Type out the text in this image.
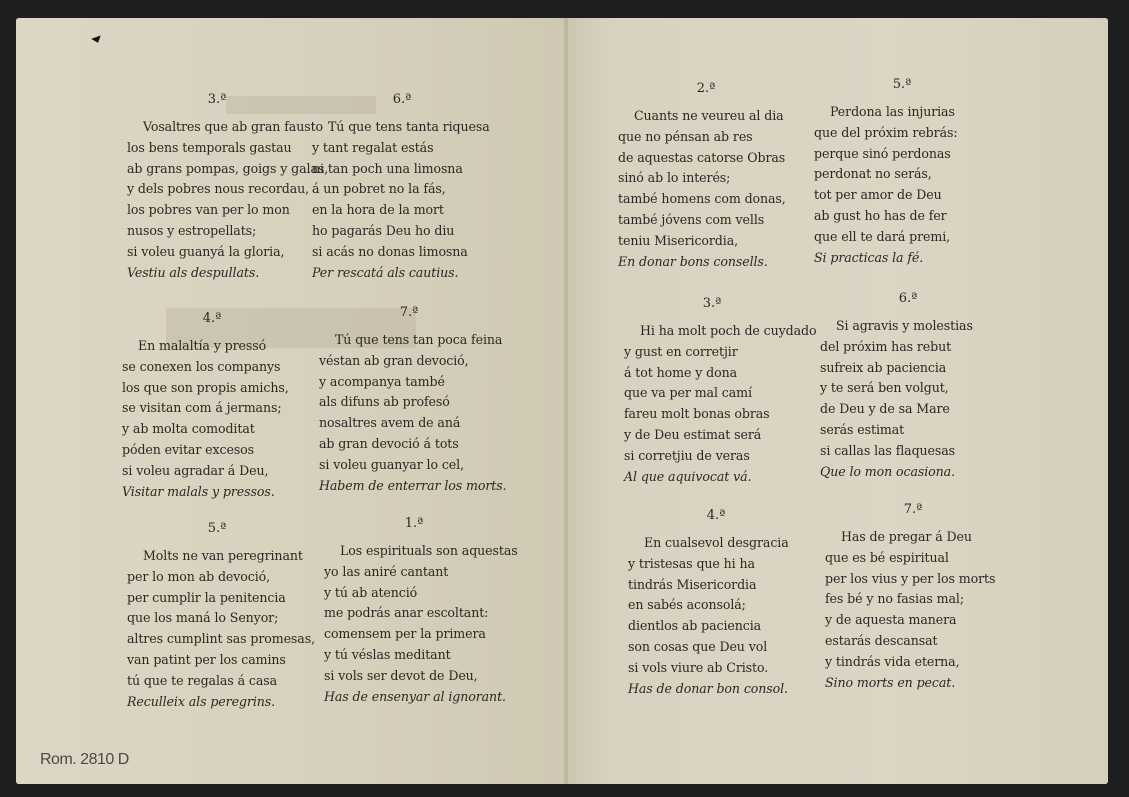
3.ª
Vosaltres que ab gran fausto
los bens temporals gastau
ab grans pompas, goigs y galas,
y dels pobres nous recordau,
los pobres van per lo mon
nusos y estropellats;
si voleu guanyá la gloria,
Vestiu als despullats.
6.ª
Tú que tens tanta riquesa
y tant regalat estás
ni tan poch una limosna
á un pobret no la fás,
en la hora de la mort
ho pagarás Deu ho diu
si acás no donas limosna
Per rescatá als cautius.
4.ª
En malaltía y pressó
se conexen los companys
los que son propis amichs,
se visitan com á jermans;
y ab molta comoditat
póden evitar excesos
si voleu agradar á Deu,
Visitar malals y pressos.
7.ª
Tú que tens tan poca feina
véstan ab gran devoció,
y acompanya també
als difuns ab profesó
nosaltres avem de aná
ab gran devoció á tots
si voleu guanyar lo cel,
Habem de enterrar los morts.
5.ª
Molts ne van peregrinant
per lo mon ab devoció,
per cumplir la penitencia
que los maná lo Senyor;
altres cumplint sas promesas,
van patint per los camins
tú que te regalas á casa
Reculleix als peregrins.
1.ª
Los espirituals son aquestas
yo las aniré cantant
y tú ab atenció
me podrás anar escoltant:
comensem per la primera
y tú véslas meditant
si vols ser devot de Deu,
Has de ensenyar al ignorant.
2.ª
Cuants ne veureu al dia
que no pénsan ab res
de aquestas catorse Obras
sinó ab lo interés;
també homens com donas,
també jóvens com vells
teniu Misericordia,
En donar bons consells.
5.ª
Perdona las injurias
que del próxim rebrás:
perque sinó perdonas
perdonat no serás,
tot per amor de Deu
ab gust ho has de fer
que ell te dará premi,
Si practicas la fé.
3.ª
Hi ha molt poch de cuydado
y gust en corretjir
á tot home y dona
que va per mal camí
fareu molt bonas obras
y de Deu estimat será
si corretjiu de veras
Al que aquivocat vá.
6.ª
Si agravis y molestias
del próxim has rebut
sufreix ab paciencia
y te será ben volgut,
de Deu y de sa Mare
serás estimat
si callas las flaquesas
Que lo mon ocasiona.
4.ª
En cualsevol desgracia
y tristesas que hi ha
tindrás Misericordia
en sabés aconsolá;
dientlos ab paciencia
son cosas que Deu vol
si vols viure ab Cristo.
Has de donar bon consol.
7.ª
Has de pregar á Deu
que es bé espiritual
per los vius y per los morts
fes bé y no fasias mal;
y de aquesta manera
estarás descansat
y tindrás vida eterna,
Sino morts en pecat.
Rom. 2810 D
